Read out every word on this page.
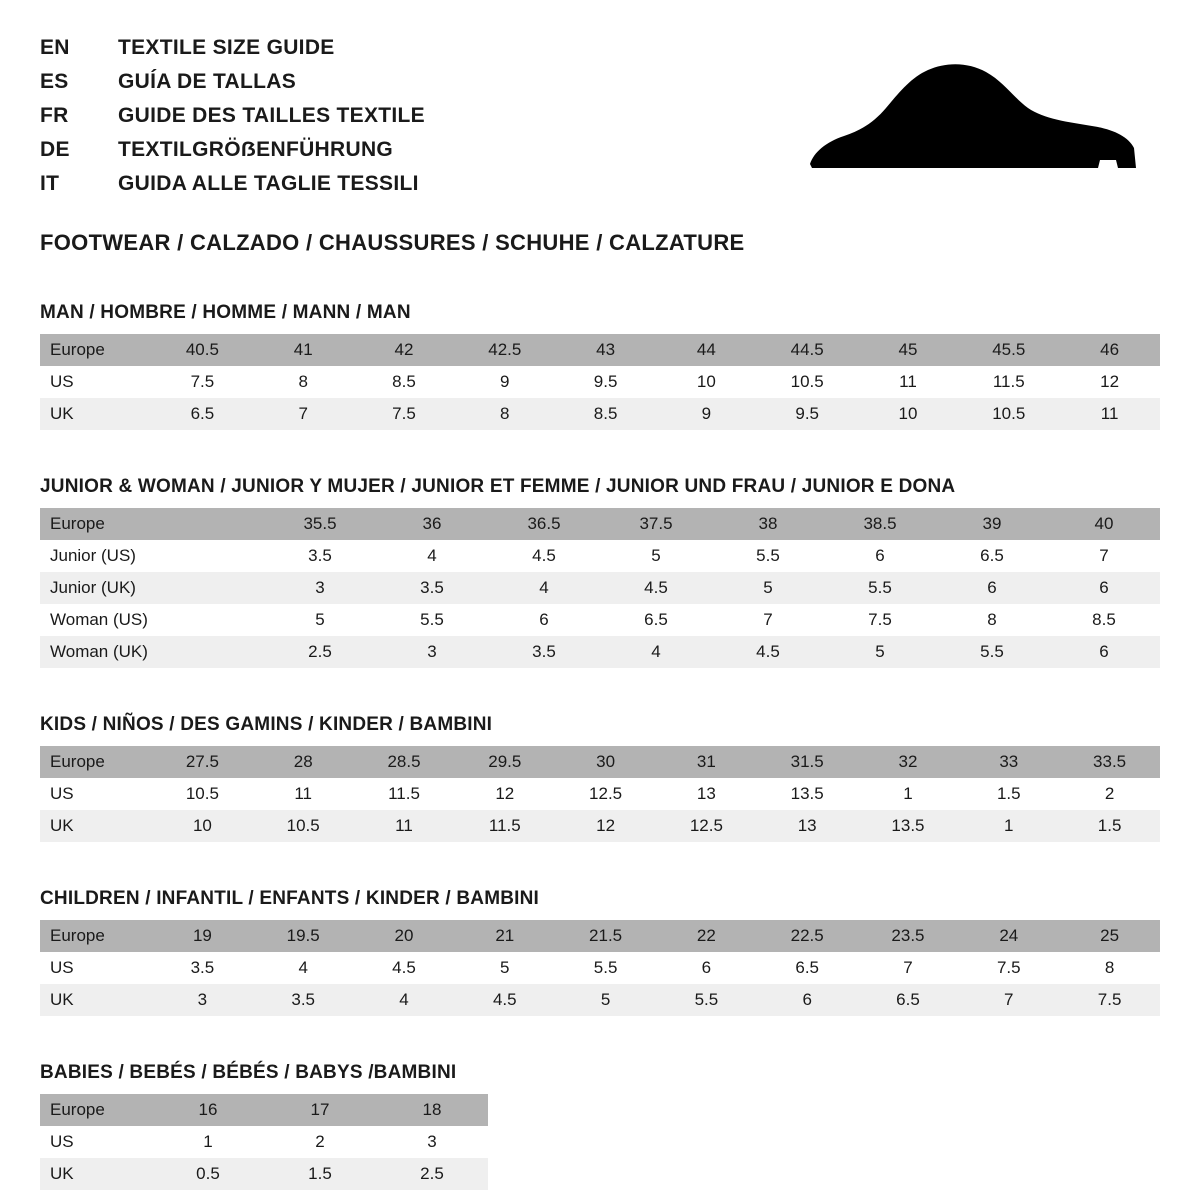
EN	TEXTILE SIZE GUIDE
ES	GUÍA DE TALLAS
FR	GUIDE DES TAILLES TEXTILE
DE	TEXTILGRÖẞENFÜHRUNG
IT	GUIDA ALLE TAGLIE TESSILI
FOOTWEAR / CALZADO / CHAUSSURES / SCHUHE / CALZATURE
MAN / HOMBRE / HOMME / MANN / MAN
Europe	40.5	41	42	42.5	43	44	44.5	45	45.5	46
US	7.5	8	8.5	9	9.5	10	10.5	11	11.5	12
UK	6.5	7	7.5	8	8.5	9	9.5	10	10.5	11
JUNIOR & WOMAN / JUNIOR Y MUJER / JUNIOR ET FEMME / JUNIOR UND FRAU / JUNIOR E DONA
Europe		35.5	36	36.5	37.5	38	38.5	39	40
Junior (US)		3.5	4	4.5	5	5.5	6	6.5	7
Junior (UK)		3	3.5	4	4.5	5	5.5	6	6
Woman (US)		5	5.5	6	6.5	7	7.5	8	8.5
Woman (UK)		2.5	3	3.5	4	4.5	5	5.5	6
KIDS / NIÑOS / DES GAMINS / KINDER / BAMBINI
Europe	27.5	28	28.5	29.5	30	31	31.5	32	33	33.5
US	10.5	11	11.5	12	12.5	13	13.5	1	1.5	2
UK	10	10.5	11	11.5	12	12.5	13	13.5	1	1.5
CHILDREN / INFANTIL / ENFANTS / KINDER / BAMBINI
Europe	19	19.5	20	21	21.5	22	22.5	23.5	24	25
US	3.5	4	4.5	5	5.5	6	6.5	7	7.5	8
UK	3	3.5	4	4.5	5	5.5	6	6.5	7	7.5
BABIES / BEBÉS / BÉBÉS / BABYS /BAMBINI
Europe	16	17	18
US	1	2	3
UK	0.5	1.5	2.5
